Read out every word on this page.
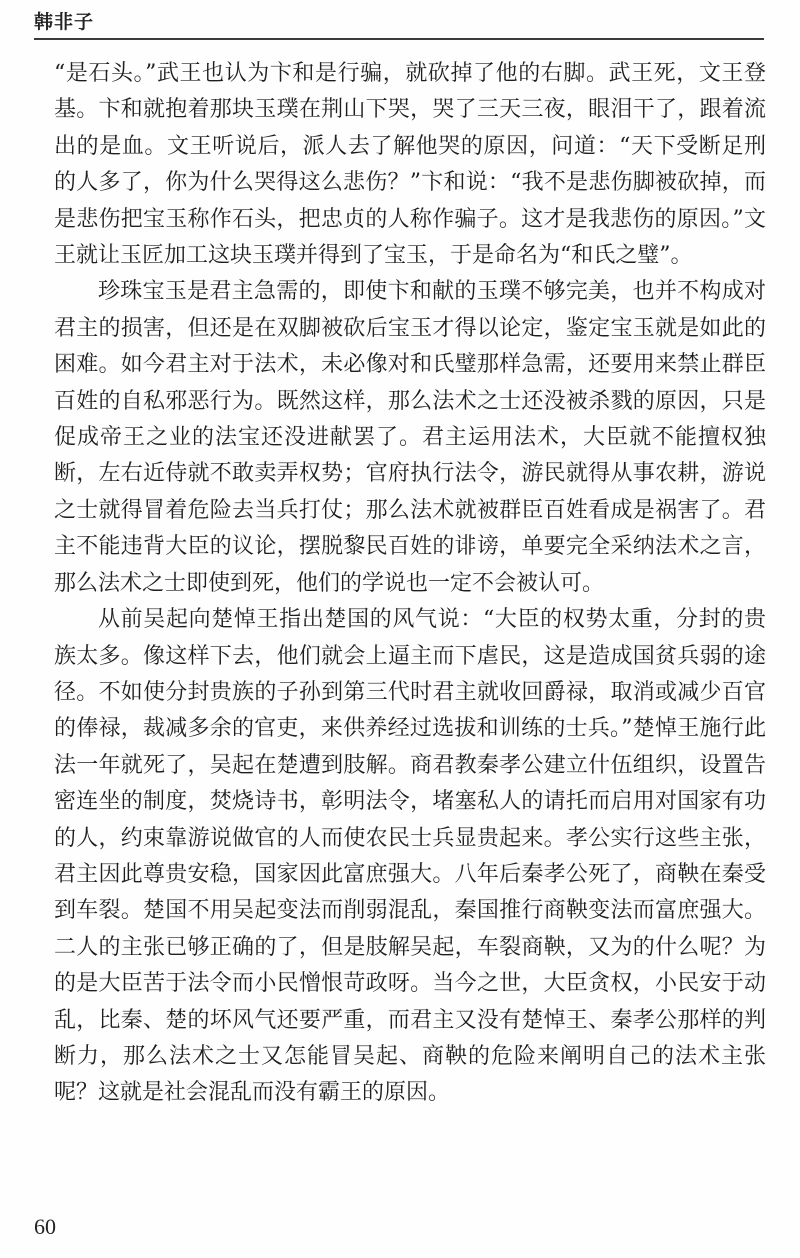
韩非子

“是石头。”武王也认为卞和是行骗，就砍掉了他的右脚。武王死，文王登基。卞和就抱着那块玉璞在荆山下哭，哭了三天三夜，眼泪干了，跟着流出的是血。文王听说后，派人去了解他哭的原因，问道：“天下受断足刑的人多了，你为什么哭得这么悲伤？”卞和说：“我不是悲伤脚被砍掉，而是悲伤把宝玉称作石头，把忠贞的人称作骗子。这才是我悲伤的原因。”文王就让玉匠加工这块玉璞并得到了宝玉，于是命名为“和氏之璧”。

珍珠宝玉是君主急需的，即使卞和献的玉璞不够完美，也并不构成对君主的损害，但还是在双脚被砍后宝玉才得以论定，鉴定宝玉就是如此的困难。如今君主对于法术，未必像对和氏璧那样急需，还要用来禁止群臣百姓的自私邪恶行为。既然这样，那么法术之士还没被杀戮的原因，只是促成帝王之业的法宝还没进献罢了。君主运用法术，大臣就不能擅权独断，左右近侍就不敢卖弄权势；官府执行法令，游民就得从事农耕，游说之士就得冒着危险去当兵打仗；那么法术就被群臣百姓看成是祸害了。君主不能违背大臣的议论，摆脱黎民百姓的诽谤，单要完全采纳法术之言，那么法术之士即使到死，他们的学说也一定不会被认可。

从前吴起向楚悼王指出楚国的风气说：“大臣的权势太重，分封的贵族太多。像这样下去，他们就会上逼主而下虐民，这是造成国贫兵弱的途径。不如使分封贵族的子孙到第三代时君主就收回爵禄，取消或减少百官的俸禄，裁减多余的官吏，来供养经过选拔和训练的士兵。”楚悼王施行此法一年就死了，吴起在楚遭到肢解。商君教秦孝公建立什伍组织，设置告密连坐的制度，焚烧诗书，彰明法令，堵塞私人的请托而启用对国家有功的人，约束靠游说做官的人而使农民士兵显贵起来。孝公实行这些主张，君主因此尊贵安稳，国家因此富庶强大。八年后秦孝公死了，商鞅在秦受到车裂。楚国不用吴起变法而削弱混乱，秦国推行商鞅变法而富庶强大。二人的主张已够正确的了，但是肢解吴起，车裂商鞅，又为的什么呢？为的是大臣苦于法令而小民憎恨苛政呀。当今之世，大臣贪权，小民安于动乱，比秦、楚的坏风气还要严重，而君主又没有楚悼王、秦孝公那样的判断力，那么法术之士又怎能冒吴起、商鞅的危险来阐明自己的法术主张呢？这就是社会混乱而没有霸王的原因。

60
